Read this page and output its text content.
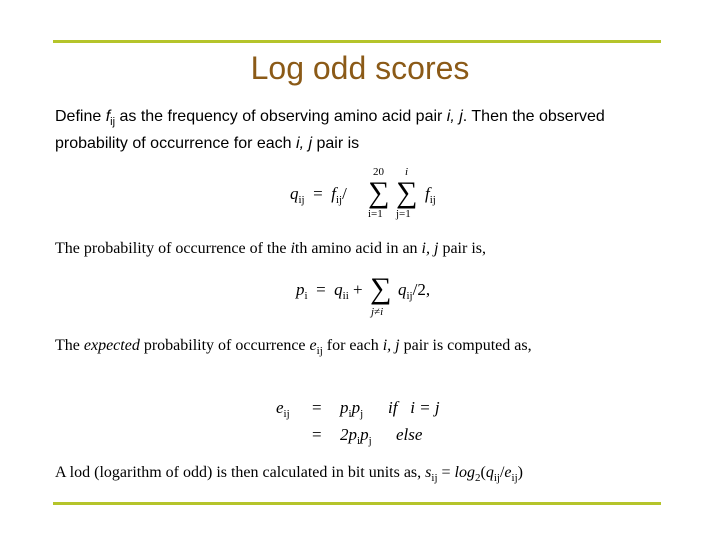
Log odd scores
Define $f_{ij}$ as the frequency of observing amino acid pair i, j. Then the observed probability of occurrence for each i, j pair is
$q_{ij} = f_{ij}/$
20
∑
i=1
i
∑
j=1
$f_{ij}$
The probability of occurrence of the ith amino acid in an i, j pair is,
$p_i = q_{ii}$ + ∑
j≠i
$q_{ij}/2$,
The expected probability of occurrence $e_{ij}$ for each i, j pair is computed as,
$e_{ij} = p_ip_j$ if i = j
= $2p_ip_j$ else
A lod (logarithm of odd) is then calculated in bit units as, $s_{ij} = \log_2(q_{ij}/e_{ij})$
